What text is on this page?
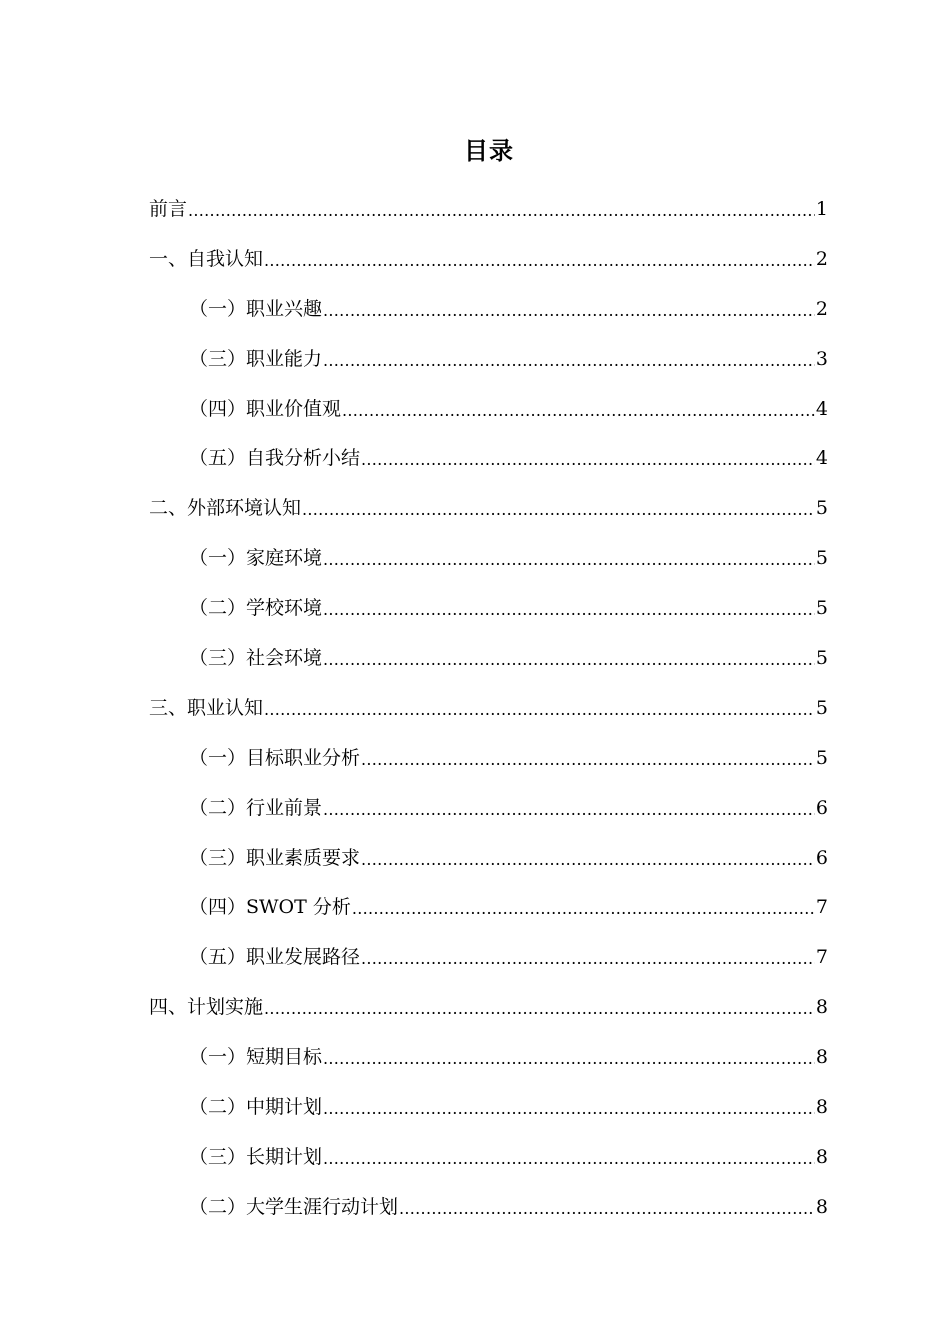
目录
前言 .....	1
一、自我认知 .....	2
（一）职业兴趣 .....	2
（三）职业能力 .....	3
（四）职业价值观 .....	4
（五）自我分析小结 .....	4
二、外部环境认知 .....	5
（一）家庭环境 .....	5
（二）学校环境 .....	5
（三）社会环境 .....	5
三、职业认知 .....	5
（一）目标职业分析 .....	5
（二）行业前景 .....	6
（三）职业素质要求 .....	6
（四）SWOT 分析 .....	7
（五）职业发展路径 .....	7
四、计划实施 .....	8
（一）短期目标 .....	8
（二）中期计划 .....	8
（三）长期计划 .....	8
（二）大学生涯行动计划 .....	8
